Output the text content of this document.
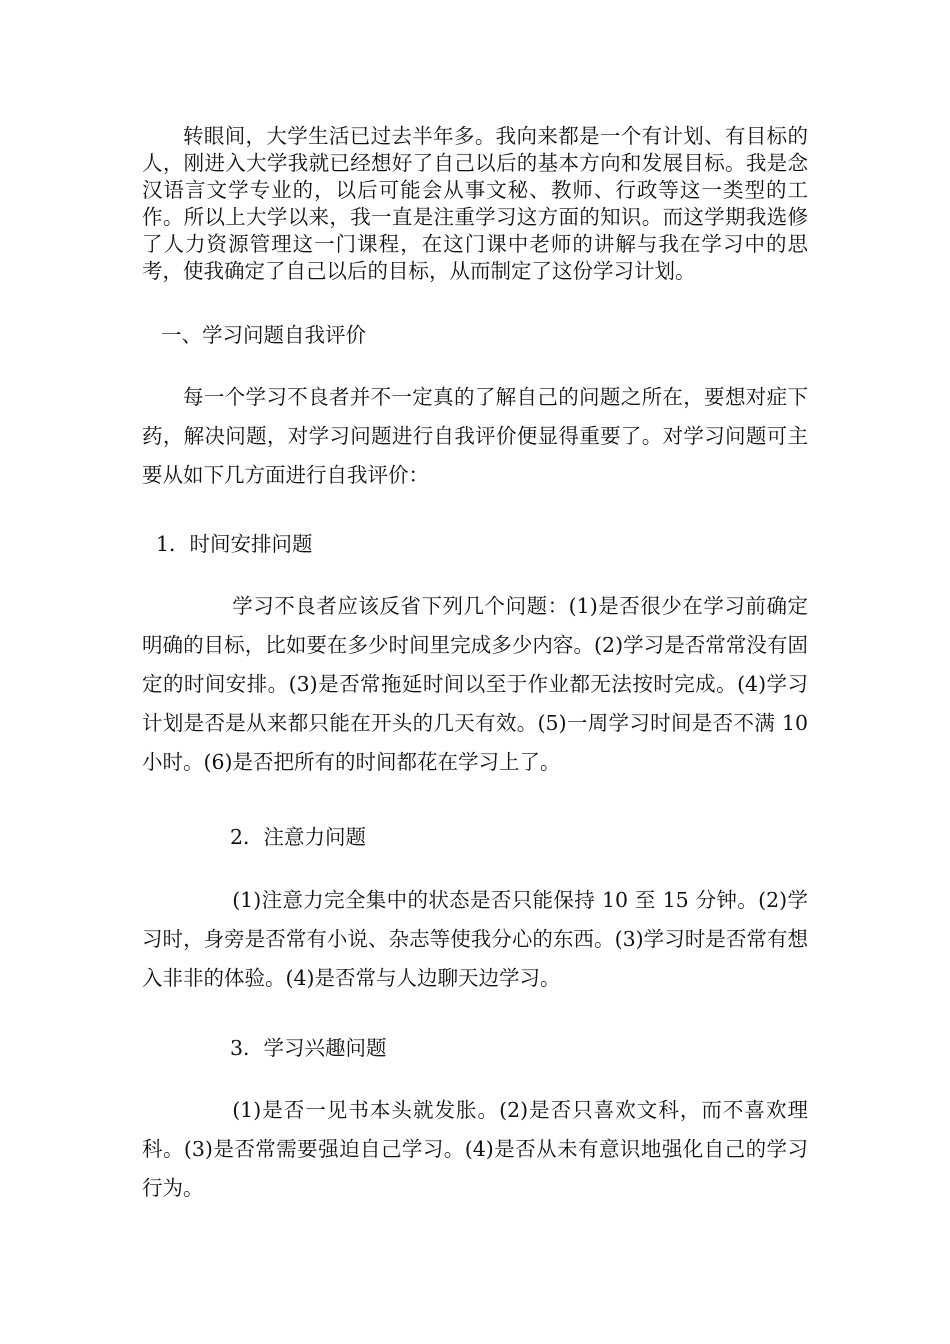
转眼间，大学生活已过去半年多。我向来都是一个有计划、有目标的人，刚进入大学我就已经想好了自己以后的基本方向和发展目标。我是念汉语言文学专业的，以后可能会从事文秘、教师、行政等这一类型的工作。所以上大学以来，我一直是注重学习这方面的知识。而这学期我选修了人力资源管理这一门课程，在这门课中老师的讲解与我在学习中的思考，使我确定了自己以后的目标，从而制定了这份学习计划。

一、学习问题自我评价

每一个学习不良者并不一定真的了解自己的问题之所在，要想对症下药，解决问题，对学习问题进行自我评价便显得重要了。对学习问题可主要从如下几方面进行自我评价：

1．时间安排问题

学习不良者应该反省下列几个问题：(1)是否很少在学习前确定明确的目标，比如要在多少时间里完成多少内容。(2)学习是否常常没有固定的时间安排。(3)是否常拖延时间以至于作业都无法按时完成。(4)学习计划是否是从来都只能在开头的几天有效。(5)一周学习时间是否不满 10 小时。(6)是否把所有的时间都花在学习上了。

2．注意力问题

(1)注意力完全集中的状态是否只能保持 10 至 15 分钟。(2)学习时，身旁是否常有小说、杂志等使我分心的东西。(3)学习时是否常有想入非非的体验。(4)是否常与人边聊天边学习。

3．学习兴趣问题

(1)是否一见书本头就发胀。(2)是否只喜欢文科，而不喜欢理科。(3)是否常需要强迫自己学习。(4)是否从未有意识地强化自己的学习行为。
